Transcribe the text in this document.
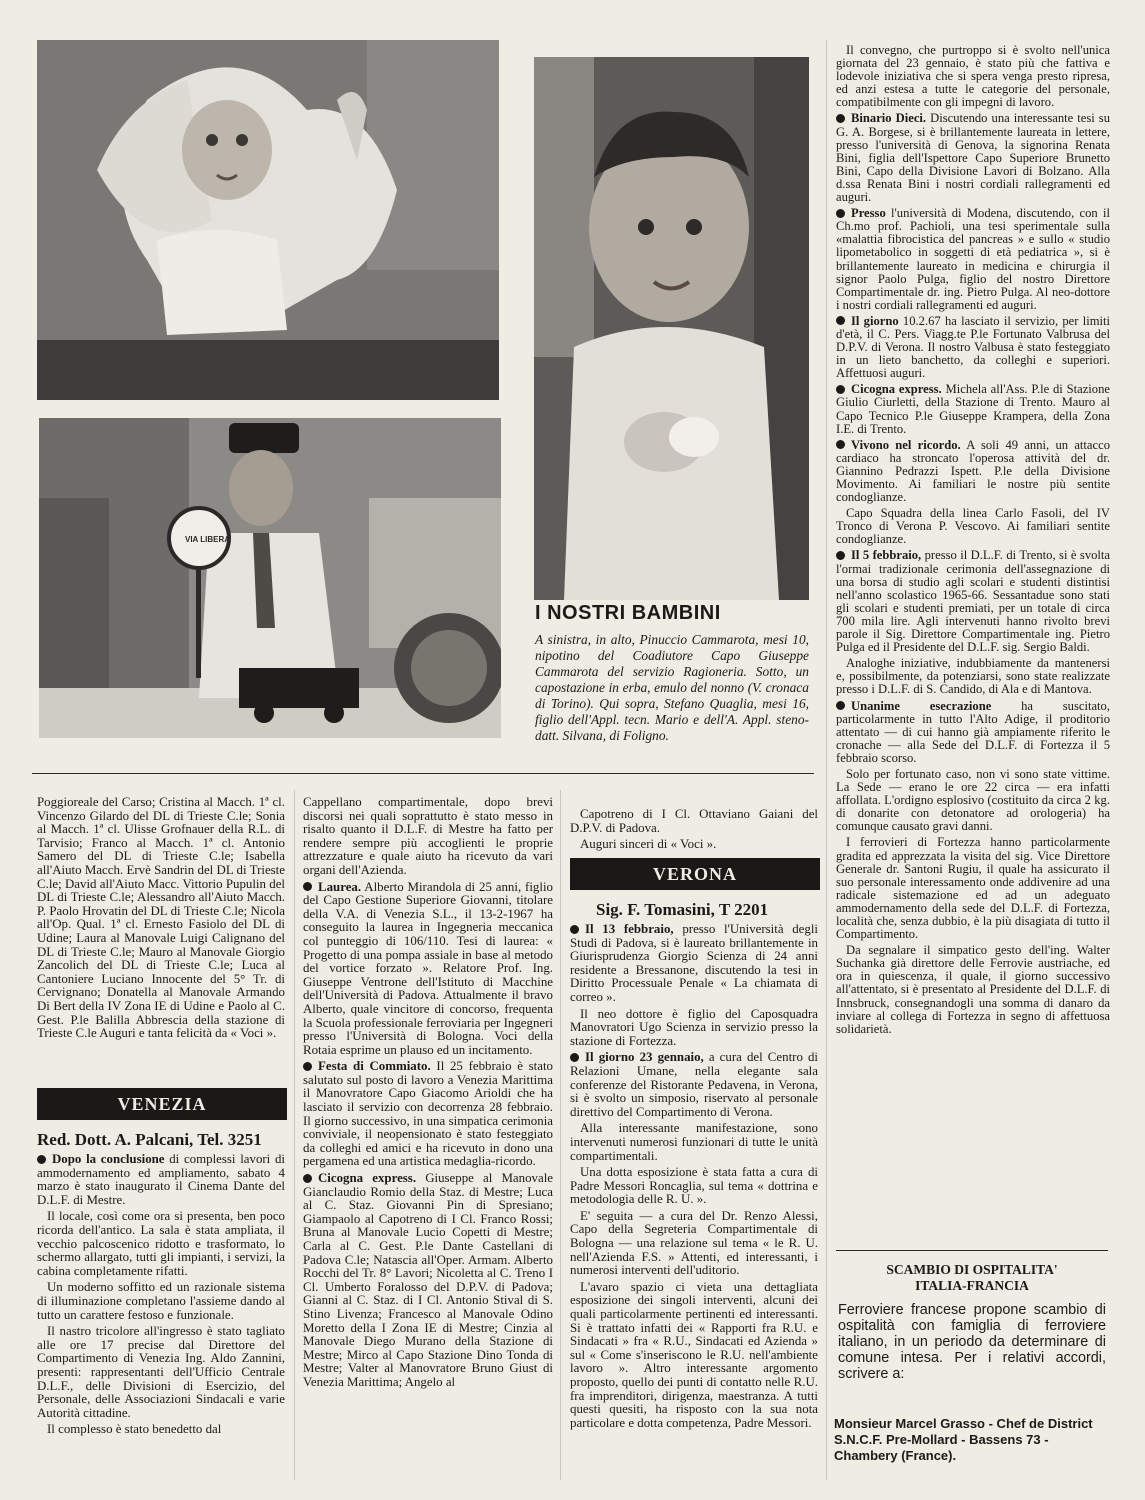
VIA LIBERA
I NOSTRI BAMBINI
A sinistra, in alto, Pinuccio Cammarota, mesi 10, nipotino del Coadiutore Capo Giuseppe Cammarota del servizio Ragioneria. Sotto, un capostazione in erba, emulo del nonno (V. cronaca di Torino). Qui sopra, Stefano Quaglia, mesi 16, figlio dell'Appl. tecn. Mario e dell'A. Appl. steno-datt. Silvana, di Foligno.

Poggioreale del Carso; Cristina al Macch. 1ª cl. Vincenzo Gilardo del DL di Trieste C.le; Sonia al Macch. 1ª cl. Ulisse Grofnauer della R.L. di Tarvisio; Franco al Macch. 1ª cl. Antonio Samero del DL di Trieste C.le; Isabella all'Aiuto Macch. Ervè Sandrin del DL di Trieste C.le; David all'Aiuto Macc. Vittorio Pupulin del DL di Trieste C.le; Alessandro all'Aiuto Macch. P. Paolo Hrovatin del DL di Trieste C.le; Nicola all'Op. Qual. 1ª cl. Ernesto Fasiolo del DL di Udine; Laura al Manovale Luigi Calignano del DL di Trieste C.le; Mauro al Manovale Giorgio Zancolich del DL di Trieste C.le; Luca al Cantoniere Luciano Innocente del 5° Tr. di Cervignano; Donatella al Manovale Armando Di Bert della IV Zona IE di Udine e Paolo al C. Gest. P.le Balilla Abbrescia della stazione di Trieste C.le Auguri e tanta felicità da « Voci ».

VENEZIA
Red. Dott. A. Palcani, Tel. 3251

Dopo la conclusione di complessi lavori di ammodernamento ed ampliamento, sabato 4 marzo è stato inaugurato il Cinema Dante del D.L.F. di Mestre.

Il locale, così come ora si presenta, ben poco ricorda dell'antico. La sala è stata ampliata, il vecchio palcoscenico ridotto e trasformato, lo schermo allargato, tutti gli impianti, i servizi, la cabina completamente rifatti.

Un moderno soffitto ed un razionale sistema di illuminazione completano l'assieme dando al tutto un carattere festoso e funzionale.

Il nastro tricolore all'ingresso è stato tagliato alle ore 17 precise dal Direttore del Compartimento di Venezia Ing. Aldo Zannini, presenti: rappresentanti dell'Ufficio Centrale D.L.F., delle Divisioni di Esercizio, del Personale, delle Associazioni Sindacali e varie Autorità cittadine.

Il complesso è stato benedetto dal

Cappellano compartimentale, dopo brevi discorsi nei quali soprattutto è stato messo in risalto quanto il D.L.F. di Mestre ha fatto per rendere sempre più accoglienti le proprie attrezzature e quale aiuto ha ricevuto da vari organi dell'Azienda.

Laurea. Alberto Mirandola di 25 anni, figlio del Capo Gestione Superiore Giovanni, titolare della V.A. di Venezia S.L., il 13-2-1967 ha conseguito la laurea in Ingegneria meccanica col punteggio di 106/110. Tesi di laurea: « Progetto di una pompa assiale in base al metodo del vortice forzato ». Relatore Prof. Ing. Giuseppe Ventrone dell'Istituto di Macchine dell'Università di Padova. Attualmente il bravo Alberto, quale vincitore di concorso, frequenta la Scuola professionale ferroviaria per Ingegneri presso l'Università di Bologna. Voci della Rotaia esprime un plauso ed un incitamento.

Festa di Commiato. Il 25 febbraio è stato salutato sul posto di lavoro a Venezia Marittima il Manovratore Capo Giacomo Arioldi che ha lasciato il servizio con decorrenza 28 febbraio. Il giorno successivo, in una simpatica cerimonia conviviale, il neopensionato è stato festeggiato da colleghi ed amici e ha ricevuto in dono una pergamena ed una artistica medaglia-ricordo.

Cicogna express. Giuseppe al Manovale Gianclaudio Romio della Staz. di Mestre; Luca al C. Staz. Giovanni Pin di Spresiano; Giampaolo al Capotreno di I Cl. Franco Rossi; Bruna al Manovale Lucio Copetti di Mestre; Carla al C. Gest. P.le Dante Castellani di Padova C.le; Natascia all'Oper. Armam. Alberto Rocchi del Tr. 8° Lavori; Nicoletta al C. Treno I Cl. Umberto Foralosso del D.P.V. di Padova; Gianni al C. Staz. di I Cl. Antonio Stival di S. Stino Livenza; Francesco al Manovale Odino Moretto della I Zona IE di Mestre; Cinzia al Manovale Diego Murano della Stazione di Mestre; Mirco al Capo Stazione Dino Tonda di Mestre; Valter al Manovratore Bruno Giust di Venezia Marittima; Angelo al

Capotreno di I Cl. Ottaviano Gaiani del D.P.V. di Padova.

Auguri sinceri di « Voci ».

VERONA
Sig. F. Tomasini, T 2201

Il 13 febbraio, presso l'Università degli Studi di Padova, si è laureato brillantemente in Giurisprudenza Giorgio Scienza di 24 anni residente a Bressanone, discutendo la tesi in Diritto Processuale Penale « La chiamata di correo ».

Il neo dottore è figlio del Caposquadra Manovratori Ugo Scienza in servizio presso la stazione di Fortezza.

Il giorno 23 gennaio, a cura del Centro di Relazioni Umane, nella elegante sala conferenze del Ristorante Pedavena, in Verona, si è svolto un simposio, riservato al personale direttivo del Compartimento di Verona.

Alla interessante manifestazione, sono intervenuti numerosi funzionari di tutte le unità compartimentali.

Una dotta esposizione è stata fatta a cura di Padre Messori Roncaglia, sul tema « dottrina e metodologia delle R. U. ».

E' seguita — a cura del Dr. Renzo Alessi, Capo della Segreteria Compartimentale di Bologna — una relazione sul tema « le R. U. nell'Azienda F.S. » Attenti, ed interessanti, i numerosi interventi dell'uditorio.

L'avaro spazio ci vieta una dettagliata esposizione dei singoli interventi, alcuni dei quali particolarmente pertinenti ed interessanti. Si è trattato infatti dei « Rapporti fra R.U. e Sindacati » fra « R.U., Sindacati ed Azienda » sul « Come s'inseriscono le R.U. nell'ambiente lavoro ». Altro interessante argomento proposto, quello dei punti di contatto nelle R.U. fra imprenditori, dirigenza, maestranza. A tutti questi quesiti, ha risposto con la sua nota particolare e dotta competenza, Padre Messori.

Il convegno, che purtroppo si è svolto nell'unica giornata del 23 gennaio, è stato più che fattiva e lodevole iniziativa che si spera venga presto ripresa, ed anzi estesa a tutte le categorie del personale, compatibilmente con gli impegni di lavoro.

Binario Dieci. Discutendo una interessante tesi su G. A. Borgese, si è brillantemente laureata in lettere, presso l'università di Genova, la signorina Renata Bini, figlia dell'Ispettore Capo Superiore Brunetto Bini, Capo della Divisione Lavori di Bolzano. Alla d.ssa Renata Bini i nostri cordiali rallegramenti ed auguri.

Presso l'università di Modena, discutendo, con il Ch.mo prof. Pachioli, una tesi sperimentale sulla «malattia fibrocistica del pancreas » e sullo « studio lipometabolico in soggetti di età pediatrica », si è brillantemente laureato in medicina e chirurgia il signor Paolo Pulga, figlio del nostro Direttore Compartimentale dr. ing. Pietro Pulga. Al neo-dottore i nostri cordiali rallegramenti ed auguri.

Il giorno 10.2.67 ha lasciato il servizio, per limiti d'età, il C. Pers. Viagg.te P.le Fortunato Valbrusa del D.P.V. di Verona. Il nostro Valbusa è stato festeggiato in un lieto banchetto, da colleghi e superiori. Affettuosi auguri.

Cicogna express. Michela all'Ass. P.le di Stazione Giulio Ciurletti, della Stazione di Trento. Mauro al Capo Tecnico P.le Giuseppe Krampera, della Zona I.E. di Trento.

Vivono nel ricordo. A soli 49 anni, un attacco cardiaco ha stroncato l'operosa attività del dr. Giannino Pedrazzi Ispett. P.le della Divisione Movimento. Ai familiari le nostre più sentite condoglianze.

Capo Squadra della linea Carlo Fasoli, del IV Tronco di Verona P. Vescovo. Ai familiari sentite condoglianze.

Il 5 febbraio, presso il D.L.F. di Trento, si è svolta l'ormai tradizionale cerimonia dell'assegnazione di una borsa di studio agli scolari e studenti distintisi nell'anno scolastico 1965-66. Sessantadue sono stati gli scolari e studenti premiati, per un totale di circa 700 mila lire. Agli intervenuti hanno rivolto brevi parole il Sig. Direttore Compartimentale ing. Pietro Pulga ed il Presidente del D.L.F. sig. Sergio Baldi.

Analoghe iniziative, indubbiamente da mantenersi e, possibilmente, da potenziarsi, sono state realizzate presso i D.L.F. di S. Candido, di Ala e di Mantova.

Unanime esecrazione ha suscitato, particolarmente in tutto l'Alto Adige, il proditorio attentato — di cui hanno già ampiamente riferito le cronache — alla Sede del D.L.F. di Fortezza il 5 febbraio scorso.

Solo per fortunato caso, non vi sono state vittime. La Sede — erano le ore 22 circa — era infatti affollata. L'ordigno esplosivo (costituito da circa 2 kg. di donarite con detonatore ad orologeria) ha comunque causato gravi danni.

I ferrovieri di Fortezza hanno particolarmente gradita ed apprezzata la visita del sig. Vice Direttore Generale dr. Santoni Rugiu, il quale ha assicurato il suo personale interessamento onde addivenire ad una radicale sistemazione ed ad un adeguato ammodernamento della sede del D.L.F. di Fortezza, località che, senza dubbio, è la più disagiata di tutto il Compartimento.

Da segnalare il simpatico gesto dell'ing. Walter Suchanka già direttore delle Ferrovie austriache, ed ora in quiescenza, il quale, il giorno successivo all'attentato, si è presentato al Presidente del D.L.F. di Innsbruck, consegnandogli una somma di danaro da inviare al collega di Fortezza in segno di affettuosa solidarietà.

SCAMBIO DI OSPITALITA'
ITALIA-FRANCIA
Ferroviere francese propone scambio di ospitalità con famiglia di ferroviere italiano, in un periodo da determinare di comune intesa. Per i relativi accordi, scrivere a:
Monsieur Marcel Grasso - Chef de District S.N.C.F. Pre-Mollard - Bassens 73 - Chambery (France).
